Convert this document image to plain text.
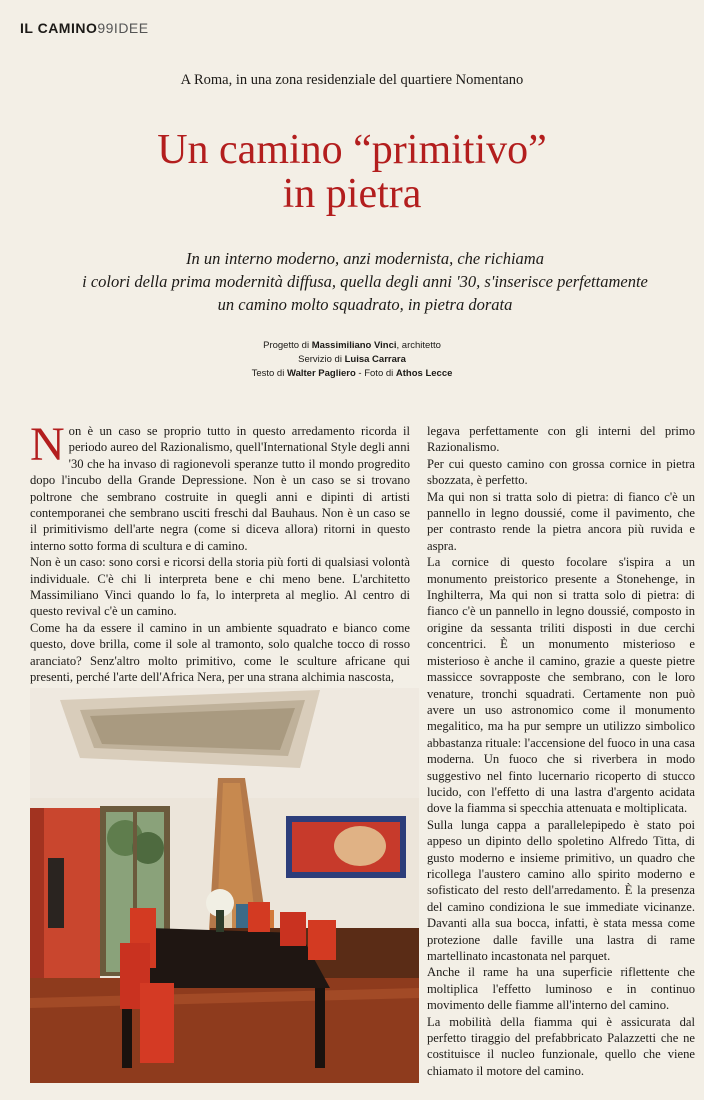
IL CAMINO99IDEE
A Roma, in una zona residenziale del quartiere Nomentano
Un camino “primitivo”
in pietra
In un interno moderno, anzi modernista, che richiama
i colori della prima modernità diffusa, quella degli anni '30, s'inserisce perfettamente
un camino molto squadrato, in pietra dorata
Progetto di Massimiliano Vinci, architetto
Servizio di Luisa Carrara
Testo di Walter Pagliero - Foto di Athos Lecce

Non è un caso se proprio tutto in questo arredamento ricorda il periodo aureo del Razionalismo, quell'International Style degli anni '30 che ha invaso di ragionevoli speranze tutto il mondo progredito dopo l'incubo della Grande Depressione. Non è un caso se si trovano poltrone che sembrano costruite in quegli anni e dipinti di artisti contemporanei che sembrano usciti freschi dal Bauhaus. Non è un caso se il primitivismo dell'arte negra (come si diceva allora) ritorni in questo interno sotto forma di scultura e di camino.

Non è un caso: sono corsi e ricorsi della storia più forti di qualsiasi volontà individuale. C'è chi li interpreta bene e chi meno bene. L'architetto Massimiliano Vinci quando lo fa, lo interpreta al meglio. Al centro di questo revival c'è un camino.

Come ha da essere il camino in un ambiente squadrato e bianco come questo, dove brilla, come il sole al tramonto, solo qualche tocco di rosso aranciato? Senz'altro molto primitivo, come le sculture africane qui presenti, perché l'arte dell'Africa Nera, per una strana alchimia nascosta,

legava perfettamente con gli interni del primo Razionalismo.

Per cui questo camino con grossa cornice in pietra sbozzata, è perfetto.

Ma qui non si tratta solo di pietra: di fianco c'è un pannello in legno doussié, come il pavimento, che per contrasto rende la pietra ancora più ruvida e aspra.

La cornice di questo focolare s'ispira a un monumento preistorico presente a Stonehenge, in Inghilterra, Ma qui non si tratta solo di pietra: di fianco c'è un pannello in legno doussié, composto in origine da sessanta triliti disposti in due cerchi concentrici. È un monumento misterioso e misterioso è anche il camino, grazie a queste pietre massicce sovrapposte che sembrano, con le loro venature, tronchi squadrati. Certamente non può avere un uso astronomico come il monumento megalitico, ma ha pur sempre un utilizzo simbolico abbastanza rituale: l'accensione del fuoco in una casa moderna. Un fuoco che si riverbera in modo suggestivo nel finto lucernario ricoperto di stucco lucido, con l'effetto di una lastra d'argento acidata dove la fiamma si specchia attenuata e moltiplicata.

Sulla lunga cappa a parallelepipedo è stato poi appeso un dipinto dello spoletino Alfredo Titta, di gusto moderno e insieme primitivo, un quadro che ricollega l'austero camino allo spirito moderno e sofisticato del resto dell'arredamento. È la presenza del camino condiziona le sue immediate vicinanze. Davanti alla sua bocca, infatti, è stata messa come protezione dalle faville una lastra di rame martellinato incastonata nel parquet.

Anche il rame ha una superficie riflettente che moltiplica l'effetto luminoso e in continuo movimento delle fiamme all'interno del camino.

La mobilità della fiamma qui è assicurata dal perfetto tiraggio del prefabbricato Palazzetti che ne costituisce il nucleo funzionale, quello che viene chiamato il motore del camino.
